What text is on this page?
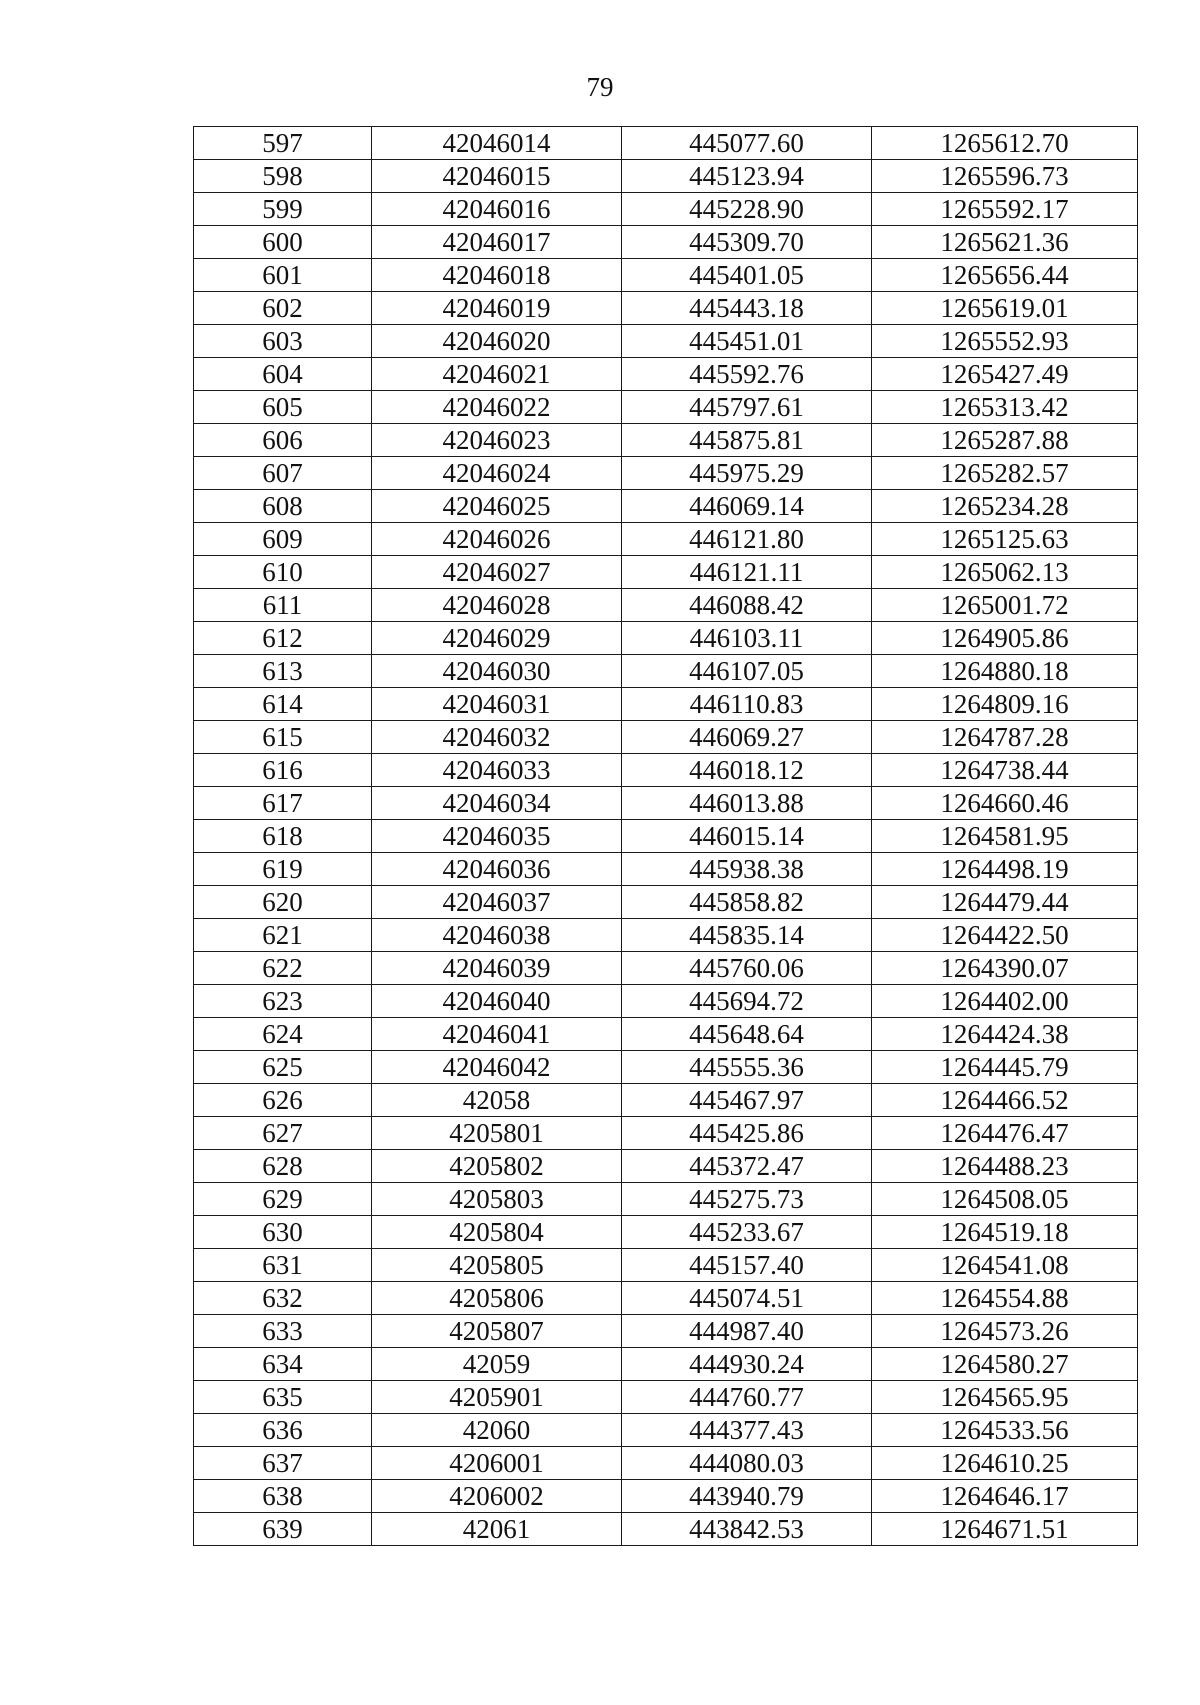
79
597	42046014	445077.60	1265612.70
598	42046015	445123.94	1265596.73
599	42046016	445228.90	1265592.17
600	42046017	445309.70	1265621.36
601	42046018	445401.05	1265656.44
602	42046019	445443.18	1265619.01
603	42046020	445451.01	1265552.93
604	42046021	445592.76	1265427.49
605	42046022	445797.61	1265313.42
606	42046023	445875.81	1265287.88
607	42046024	445975.29	1265282.57
608	42046025	446069.14	1265234.28
609	42046026	446121.80	1265125.63
610	42046027	446121.11	1265062.13
611	42046028	446088.42	1265001.72
612	42046029	446103.11	1264905.86
613	42046030	446107.05	1264880.18
614	42046031	446110.83	1264809.16
615	42046032	446069.27	1264787.28
616	42046033	446018.12	1264738.44
617	42046034	446013.88	1264660.46
618	42046035	446015.14	1264581.95
619	42046036	445938.38	1264498.19
620	42046037	445858.82	1264479.44
621	42046038	445835.14	1264422.50
622	42046039	445760.06	1264390.07
623	42046040	445694.72	1264402.00
624	42046041	445648.64	1264424.38
625	42046042	445555.36	1264445.79
626	42058	445467.97	1264466.52
627	4205801	445425.86	1264476.47
628	4205802	445372.47	1264488.23
629	4205803	445275.73	1264508.05
630	4205804	445233.67	1264519.18
631	4205805	445157.40	1264541.08
632	4205806	445074.51	1264554.88
633	4205807	444987.40	1264573.26
634	42059	444930.24	1264580.27
635	4205901	444760.77	1264565.95
636	42060	444377.43	1264533.56
637	4206001	444080.03	1264610.25
638	4206002	443940.79	1264646.17
639	42061	443842.53	1264671.51
